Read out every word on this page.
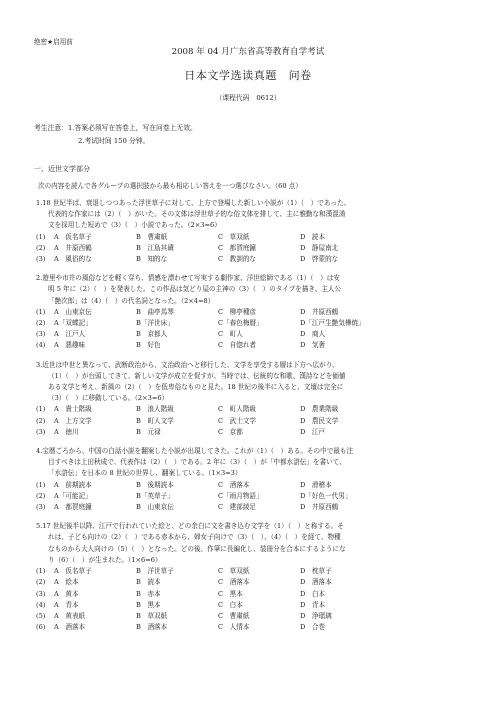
绝密★启用前
2008 年 04 月广东省高等教育自学考试
日本文学选读真题　问卷
（课程代码　0612）
考生注意：1.答案必须写在答卷上，写在问卷上无效。
2.考试时间 150 分钟。
一、近世文学部分
次の内容を読んで各グループの選択肢から最も相応しい答えを一つ選びなさい。（60 点）
1.18 世紀半ば、衰退しつつあった浮世草子に対して、上方で登場した新しい小説が（1）（　）であった。
代表的な作家には（2）（　）がいた。その文体は浮世草子的な俗文体を排して、主に雅勤な和漢混淆
文を採用した短めで（3）（　）小説であった。（2×3=6）
(1)	A　仮名草子	B　曹粛紙	C　草双紙	D　読本
(2)	A　井原西鶴	B　江島其磧	C　都賀庭鐘	D　静屋南北
(3)	A　風俗的な	B　知的な	C　教訓的な	D　啓蒙的な
2.遊里や市井の風俗などを軽く穿ち、情感を漂わせて写実する劇作家、洋世絵師である（1）（　）は安
明 5 年に（2）（　）を発表した。この作品は気どり屋の主神の（3）（　）のタイプを描き、主人公
「艶次郎」は（4）（　）の代名詞となった。（2×4=8）
(1)	A　山東京伝	B　曲亭馬琴	C　柳亭種彦	D　井原西鶴
(2)	A「双蝶記」	B「洋世床」	C「春色梅暦」	D「江戸生艶気樺焼」
(3)	A　江戸人	B　京都人	C　町人	D　商人
(4)	A　悪趣味	B　好色	C　自惚れ者	D　気奢
3.近世は中世と異なって、武断政治から、文治政治へと移行した、文学を享受する層は下方へ広がり、
（1）（　）が台頭してきて、新しい文学が成立を促すが、当時では、伝統的な和歌、漢詩などを価値
ある文学と考え、新風の（2）（　）を低卑俗なものと見た。18 世紀の後半に入ると、文壇は完全に
（3）（　）に移動している。（2×3=6）
(1)	A　貴士階級	B　浪人階級	C　町人階級	D　農業階級
(2)	A　上方文学	B　町人文学	C　武士文学	D　農民文学
(3)	A　徳川	B　元禄	C　京都	D　江戸
4.宝暦ごろから、中国の白話小説を翻案した小説が出現してきた。これが（1）（　）ある。その中で最も注
目すべきは上田秋成で、代表作は（2）（　）である。2 年に（3）（　）が「中都水滸伝」を書いて、
「水滸伝」を日本の 8 世紀の世界し、翻案している。（1×3=3）
(1)	A　前期読本	B　後期読本	C　酒落本	D　滑稽本
(2)	A「可能記」	B「英草子」	C「雨月物語」	D「好色一代男」
(3)	A　都賀庭鐘	B　山東京伝	C　建部綾足	D　井原西鶴
5.17 世紀後半以降、江戸で行われていた絵と、どの余白に文を書き込む文学を（1）（　）と称する。そ
れは、子ども向けの（2）（　）である赤本から、婦女子向けで（3）（　）、（4）（　）を経て、物種
なものから大人向けの（5）（　）となった。どの後、作筆に長編化し、装冊分を合本にするようにな
り（6）（　）が生まれた。（1×6=6）
(1)	A　仮名草子	B　洋世草子	C　草双紙	D　枕草子
(2)	A　絵本	B　読本	C　酒落本	D　酒落本
(3)	A　黄本	B　赤本	C　黒本	D　白本
(4)	A　青本	B　黒本	C　白本	D　青本
(5)	A　黄表紙	B　草双紙	C　曹粛紙	D　浄瑠璃
(6)	A　酒落本	B　酒落本	C　人情本	D　合巻
